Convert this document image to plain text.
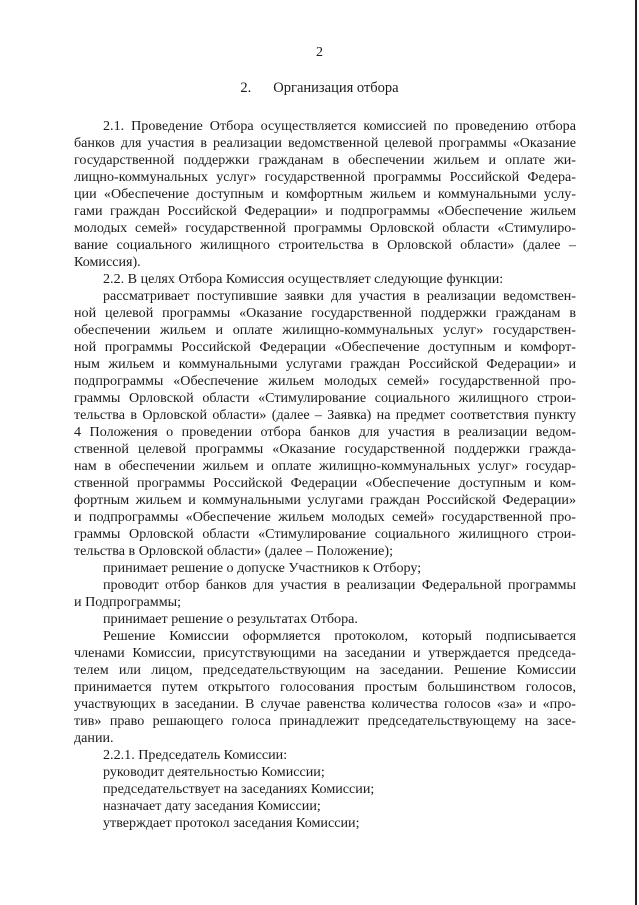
2
2. Организация отбора
2.1. Проведение Отбора осуществляется комиссией по проведению отбора
банков для участия в реализации ведомственной целевой программы «Оказание
государственной поддержки гражданам в обеспечении жильем и оплате жи-
лищно-коммунальных услуг» государственной программы Российской Федера-
ции «Обеспечение доступным и комфортным жильем и коммунальными услу-
гами граждан Российской Федерации» и подпрограммы «Обеспечение жильем
молодых семей» государственной программы Орловской области «Стимулиро-
вание социального жилищного строительства в Орловской области» (далее –
Комиссия).
2.2. В целях Отбора Комиссия осуществляет следующие функции:
рассматривает поступившие заявки для участия в реализации ведомствен-
ной целевой программы «Оказание государственной поддержки гражданам в
обеспечении жильем и оплате жилищно-коммунальных услуг» государствен-
ной программы Российской Федерации «Обеспечение доступным и комфорт-
ным жильем и коммунальными услугами граждан Российской Федерации» и
подпрограммы «Обеспечение жильем молодых семей» государственной про-
граммы Орловской области «Стимулирование социального жилищного строи-
тельства в Орловской области» (далее – Заявка) на предмет соответствия пункту
4 Положения о проведении отбора банков для участия в реализации ведом-
ственной целевой программы «Оказание государственной поддержки гражда-
нам в обеспечении жильем и оплате жилищно-коммунальных услуг» государ-
ственной программы Российской Федерации «Обеспечение доступным и ком-
фортным жильем и коммунальными услугами граждан Российской Федерации»
и подпрограммы «Обеспечение жильем молодых семей» государственной про-
граммы Орловской области «Стимулирование социального жилищного строи-
тельства в Орловской области» (далее – Положение);
принимает решение о допуске Участников к Отбору;
проводит отбор банков для участия в реализации Федеральной программы
и Подпрограммы;
принимает решение о результатах Отбора.
Решение Комиссии оформляется протоколом, который подписывается
членами Комиссии, присутствующими на заседании и утверждается председа-
телем или лицом, председательствующим на заседании. Решение Комиссии
принимается путем открытого голосования простым большинством голосов,
участвующих в заседании. В случае равенства количества голосов «за» и «про-
тив» право решающего голоса принадлежит председательствующему на засе-
дании.
2.2.1. Председатель Комиссии:
руководит деятельностью Комиссии;
председательствует на заседаниях Комиссии;
назначает дату заседания Комиссии;
утверждает протокол заседания Комиссии;
